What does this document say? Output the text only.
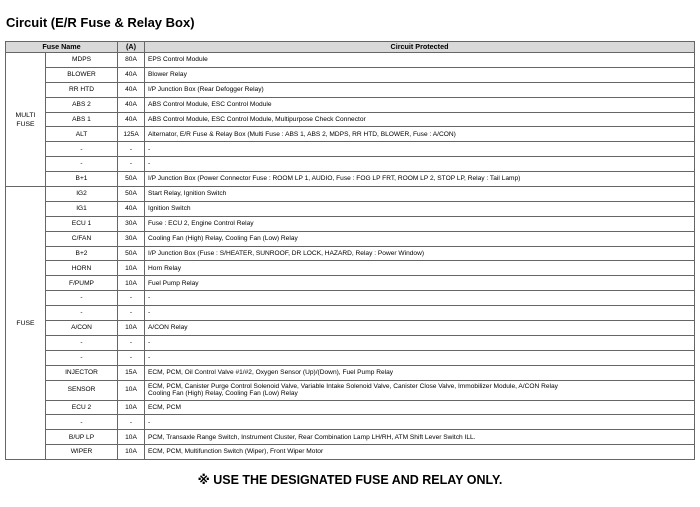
Circuit (E/R Fuse & Relay Box)
Fuse Name		(A)	Circuit Protected
MULTI
FUSE	MDPS	80A	EPS Control Module
	BLOWER	40A	Blower Relay
	RR HTD	40A	I/P Junction Box (Rear Defogger Relay)
	ABS 2	40A	ABS Control Module, ESC Control Module
	ABS 1	40A	ABS Control Module, ESC Control Module, Multipurpose Check Connector
	ALT	125A	Alternator, E/R Fuse & Relay Box (Multi Fuse : ABS 1, ABS 2, MDPS, RR HTD, BLOWER, Fuse : A/CON)
	-	-	-
	-	-	-
	B+1	50A	I/P Junction Box (Power Connector Fuse : ROOM LP 1, AUDIO, Fuse : FOG LP FRT, ROOM LP 2, STOP LP, Relay : Tail Lamp)
FUSE	IG2	50A	Start Relay, Ignition Switch
	IG1	40A	Ignition Switch
	ECU 1	30A	Fuse : ECU 2, Engine Control Relay
	C/FAN	30A	Cooling Fan (High) Relay, Cooling Fan (Low) Relay
	B+2	50A	I/P Junction Box (Fuse : S/HEATER, SUNROOF, DR LOCK, HAZARD, Relay : Power Window)
	HORN	10A	Horn Relay
	F/PUMP	10A	Fuel Pump Relay
	-	-	-
	-	-	-
	A/CON	10A	A/CON Relay
	-	-	-
	-	-	-
	INJECTOR	15A	ECM, PCM, Oil Control Valve #1/#2, Oxygen Sensor (Up)/(Down), Fuel Pump Relay
	SENSOR	10A	ECM, PCM, Canister Purge Control Solenoid Valve, Variable Intake Solenoid Valve, Canister Close Valve, Immobilizer Module, A/CON Relay
Cooling Fan (High) Relay, Cooling Fan (Low) Relay
	ECU 2	10A	ECM, PCM
	-	-	-
	B/UP LP	10A	PCM, Transaxle Range Switch, Instrument Cluster, Rear Combination Lamp LH/RH, ATM Shift Lever Switch ILL.
	WIPER	10A	ECM, PCM, Multifunction Switch (Wiper), Front Wiper Motor
※ USE THE DESIGNATED FUSE AND RELAY ONLY.
